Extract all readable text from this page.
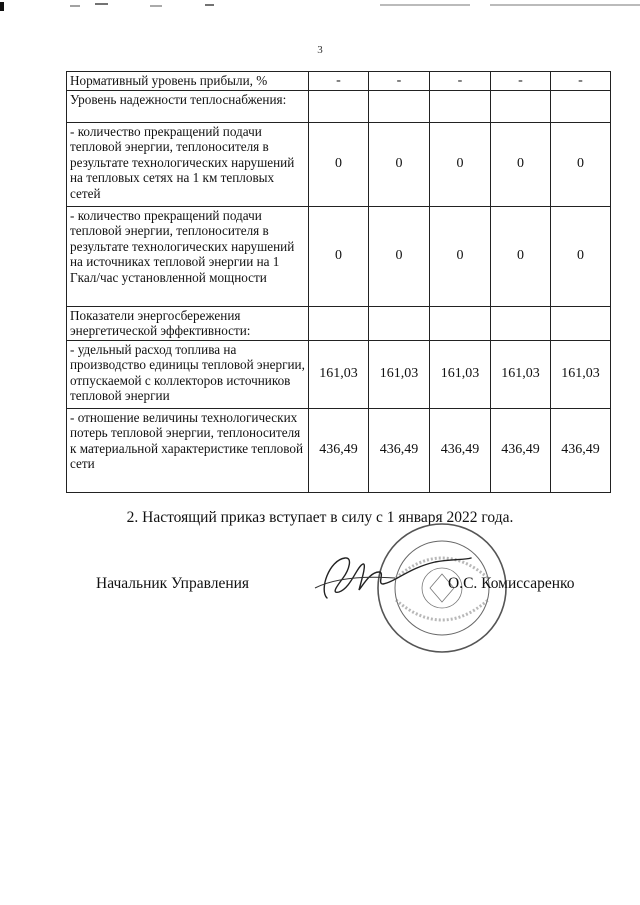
3
Нормативный уровень прибыли, %	-	-	-	-	-
Уровень надежности теплоснабжения:					
- количество прекращений подачи тепловой энергии, теплоносителя в результате технологических нарушений на тепловых сетях на 1 км тепловых сетей	0	0	0	0	0
- количество прекращений подачи тепловой энергии, теплоносителя в результате технологических нарушений на источниках тепловой энергии на 1 Гкал/час установленной мощности	0	0	0	0	0
Показатели энергосбережения энергетической эффективности:					
- удельный расход топлива на производство единицы тепловой энергии, отпускаемой с коллекторов источников тепловой энергии	161,03	161,03	161,03	161,03	161,03
- отношение величины технологических потерь тепловой энергии, теплоносителя к материальной характеристике тепловой сети	436,49	436,49	436,49	436,49	436,49
2. Настоящий приказ вступает в силу с 1 января 2022 года.
Начальник Управления	О.С. Комиссаренко
